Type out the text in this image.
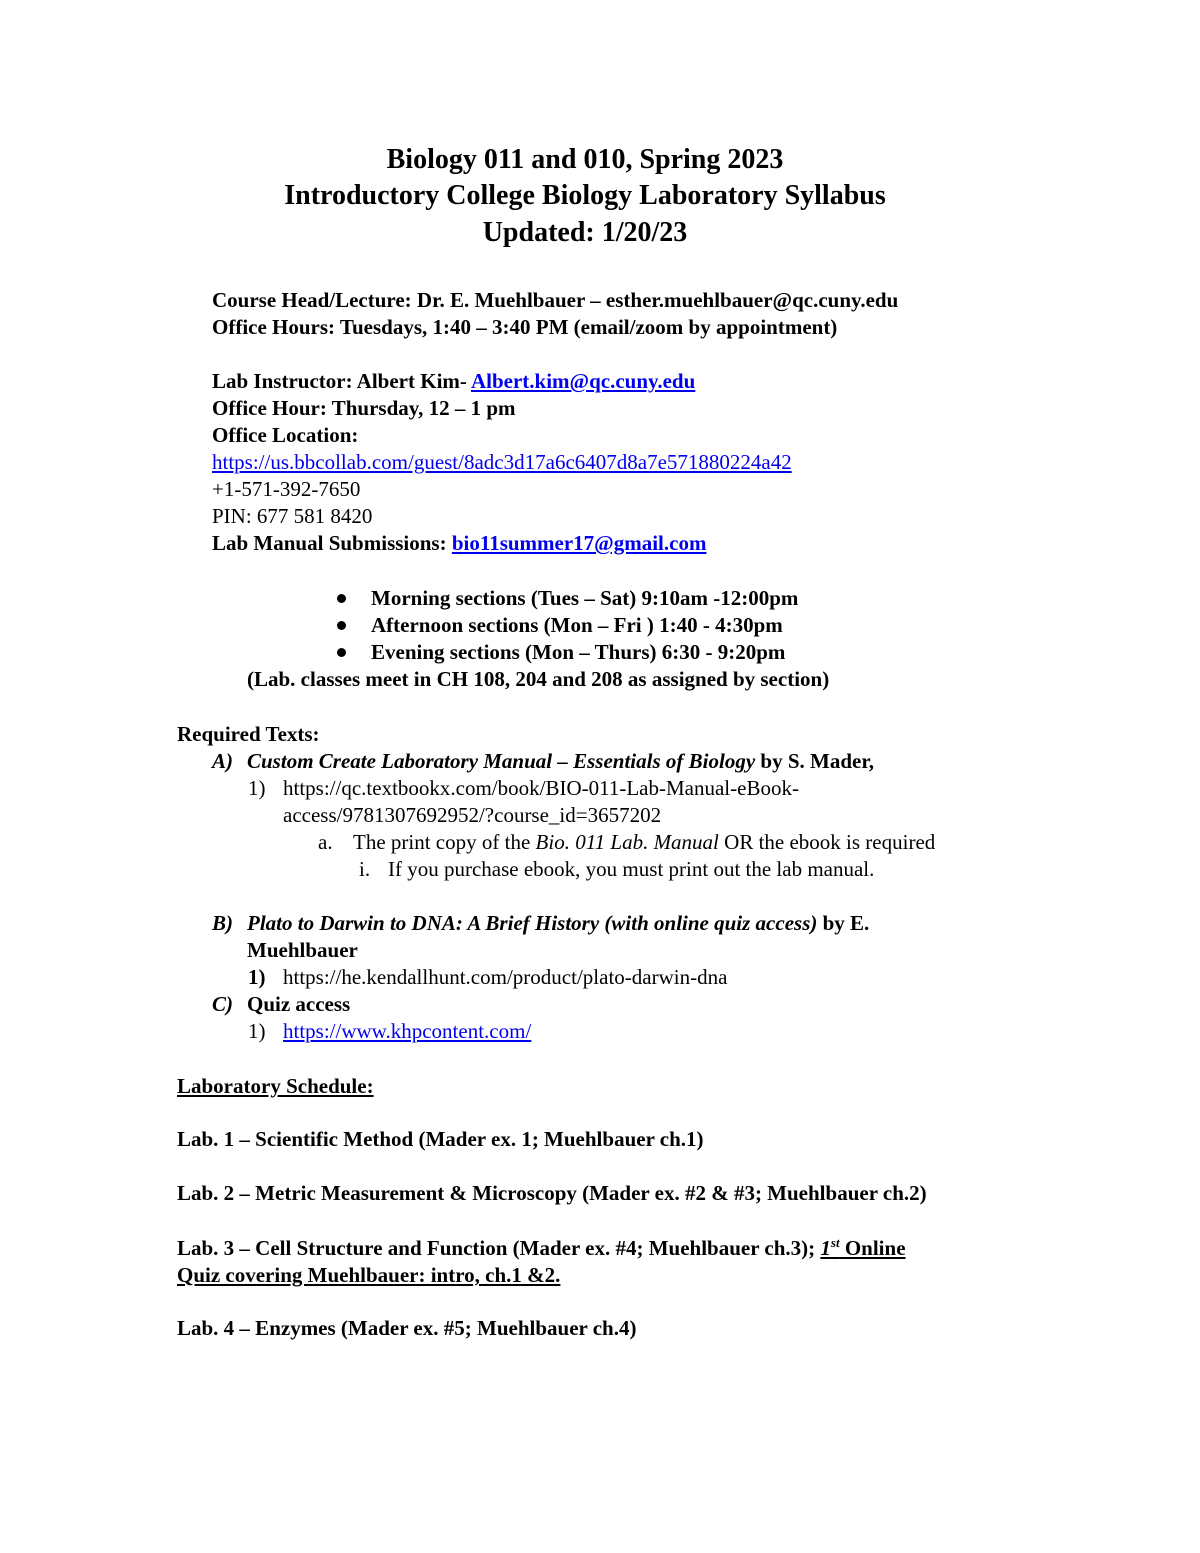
Biology 011 and 010, Spring 2023
Introductory College Biology Laboratory Syllabus
Updated: 1/20/23
Course Head/Lecture: Dr. E. Muehlbauer – esther.muehlbauer@qc.cuny.edu
Office Hours: Tuesdays, 1:40 – 3:40 PM (email/zoom by appointment)
Lab Instructor: Albert Kim- Albert.kim@qc.cuny.edu
Office Hour: Thursday, 12 – 1 pm
Office Location:
https://us.bbcollab.com/guest/8adc3d17a6c6407d8a7e571880224a42
+1-571-392-7650
PIN: 677 581 8420
Lab Manual Submissions: bio11summer17@gmail.com
Morning sections (Tues – Sat) 9:10am -12:00pm
Afternoon sections (Mon – Fri ) 1:40 - 4:30pm
Evening sections (Mon – Thurs) 6:30 - 9:20pm
(Lab. classes meet in CH 108, 204 and 208 as assigned by section)
Required Texts:
A) Custom Create Laboratory Manual – Essentials of Biology by S. Mader,
1) https://qc.textbookx.com/book/BIO-011-Lab-Manual-eBook-
access/9781307692952/?course_id=3657202
a. The print copy of the Bio. 011 Lab. Manual OR the ebook is required
i. If you purchase ebook, you must print out the lab manual.
B) Plato to Darwin to DNA: A Brief History (with online quiz access) by E.
Muehlbauer
1) https://he.kendallhunt.com/product/plato-darwin-dna
C) Quiz access
1) https://www.khpcontent.com/
Laboratory Schedule:
Lab. 1 – Scientific Method (Mader ex. 1; Muehlbauer ch.1)
Lab. 2 – Metric Measurement & Microscopy (Mader ex. #2 & #3; Muehlbauer ch.2)
Lab. 3 – Cell Structure and Function (Mader ex. #4; Muehlbauer ch.3); 1st Online
Quiz covering Muehlbauer: intro, ch.1 &2.
Lab. 4 – Enzymes (Mader ex. #5; Muehlbauer ch.4)
